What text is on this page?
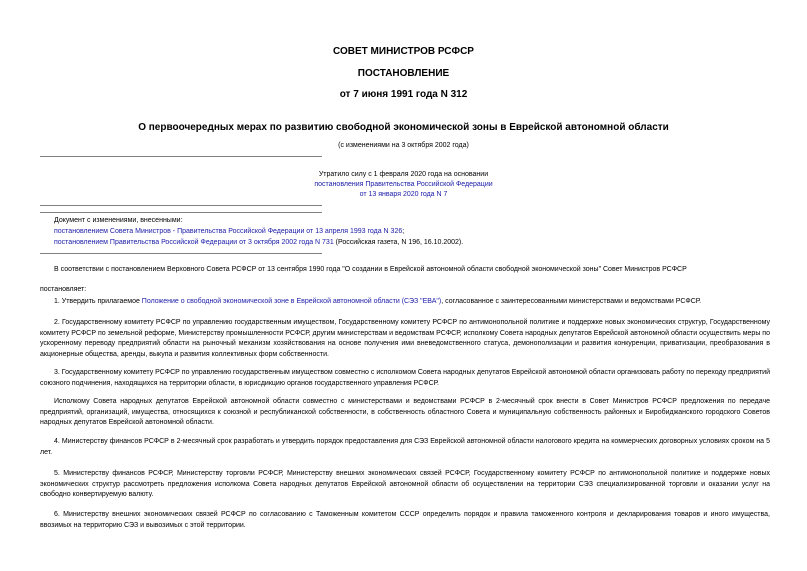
СОВЕТ МИНИСТРОВ РСФСР
ПОСТАНОВЛЕНИЕ
от 7 июня 1991 года N 312
О первоочередных мерах по развитию свободной экономической зоны в Еврейской автономной области
(с изменениями на 3 октября 2002 года)
Утратило силу с 1 февраля 2020 года на основании
постановления Правительства Российской Федерации
от 13 января 2020 года N 7
Документ с изменениями, внесенными:
постановлением Совета Министров - Правительства Российской Федерации от 13 апреля 1993 года N 326;
постановлением Правительства Российской Федерации от 3 октября 2002 года N 731 (Российская газета, N 196, 16.10.2002).
В соответствии с постановлением Верховного Совета РСФСР от 13 сентября 1990 года "О создании в Еврейской автономной области свободной экономической зоны" Совет Министров РСФСР
постановляет:
1. Утвердить прилагаемое Положение о свободной экономической зоне в Еврейской автономной области (СЭЗ "ЕВА"), согласованное с заинтересованными министерствами и ведомствами РСФСР.
2. Государственному комитету РСФСР по управлению государственным имуществом, Государственному комитету РСФСР по антимонопольной политике и поддержке новых экономических структур, Государственному комитету РСФСР по земельной реформе, Министерству промышленности РСФСР, другим министерствам и ведомствам РСФСР, исполкому Совета народных депутатов Еврейской автономной области осуществить меры по ускоренному переводу предприятий области на рыночный механизм хозяйствования на основе получения ими вневедомственного статуса, демонополизации и развития конкуренции, приватизации, преобразования в акционерные общества, аренды, выкупа и развития коллективных форм собственности.
3. Государственному комитету РСФСР по управлению государственным имуществом совместно с исполкомом Совета народных депутатов Еврейской автономной области организовать работу по переходу предприятий союзного подчинения, находящихся на территории области, в юрисдикцию органов государственного управления РСФСР.
Исполкому Совета народных депутатов Еврейской автономной области совместно с министерствами и ведомствами РСФСР в 2-месячный срок внести в Совет Министров РСФСР предложения по передаче предприятий, организаций, имущества, относящихся к союзной и республиканской собственности, в собственность областного Совета и муниципальную собственность районных и Биробиджанского городского Советов народных депутатов Еврейской автономной области.
4. Министерству финансов РСФСР в 2-месячный срок разработать и утвердить порядок предоставления для СЭЗ Еврейской автономной области налогового кредита на коммерческих договорных условиях сроком на 5 лет.
5. Министерству финансов РСФСР, Министерству торговли РСФСР, Министерству внешних экономических связей РСФСР, Государственному комитету РСФСР по антимонопольной политике и поддержке новых экономических структур рассмотреть предложения исполкома Совета народных депутатов Еврейской автономной области об осуществлении на территории СЭЗ специализированной торговли и оказании услуг на свободно конвертируемую валюту.
6. Министерству внешних экономических связей РСФСР по согласованию с Таможенным комитетом СССР определить порядок и правила таможенного контроля и декларирования товаров и иного имущества, ввозимых на территорию СЭЗ и вывозимых с этой территории.
